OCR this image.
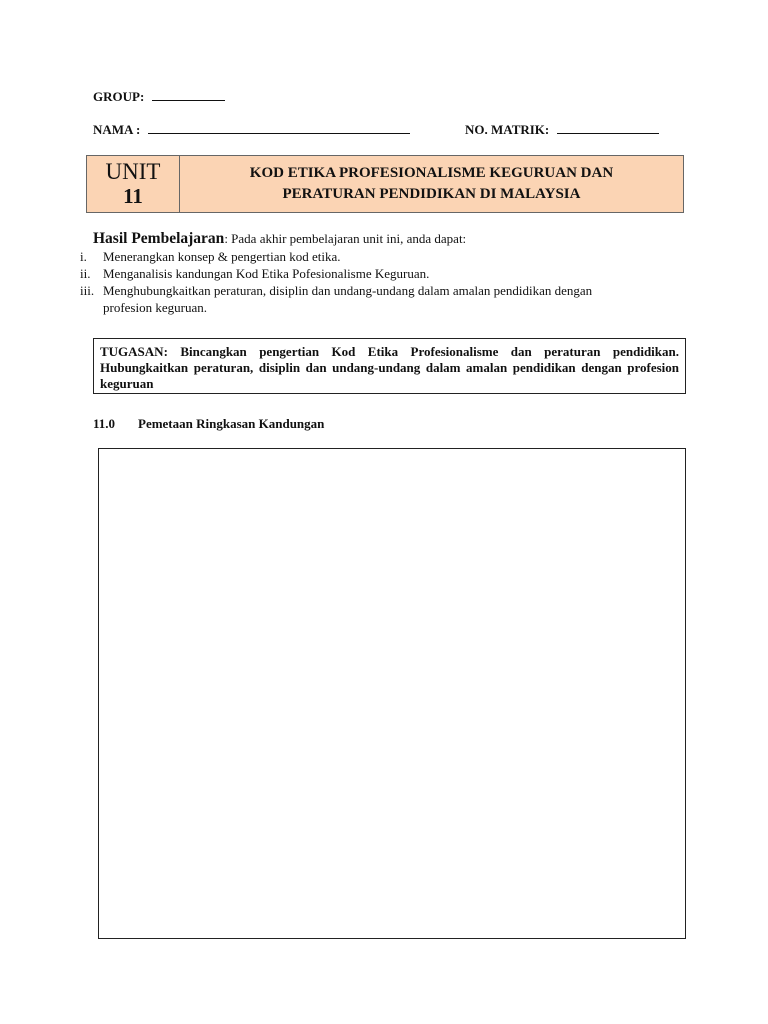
GROUP:
NAMA :	NO. MATRIK:
UNIT
11
KOD ETIKA PROFESIONALISME KEGURUAN DAN
PERATURAN PENDIDIKAN DI MALAYSIA
Hasil Pembelajaran: Pada akhir pembelajaran unit ini, anda dapat:
i.	Menerangkan konsep & pengertian kod etika.
ii. Menganalisis kandungan Kod Etika Pofesionalisme Keguruan.
iii. Menghubungkaitkan peraturan, disiplin dan undang-undang dalam amalan pendidikan dengan profesion keguruan.
TUGASAN: Bincangkan pengertian Kod Etika Profesionalisme dan peraturan pendidikan. Hubungkaitkan peraturan, disiplin dan undang-undang dalam amalan pendidikan dengan profesion keguruan
11.0 Pemetaan Ringkasan Kandungan
